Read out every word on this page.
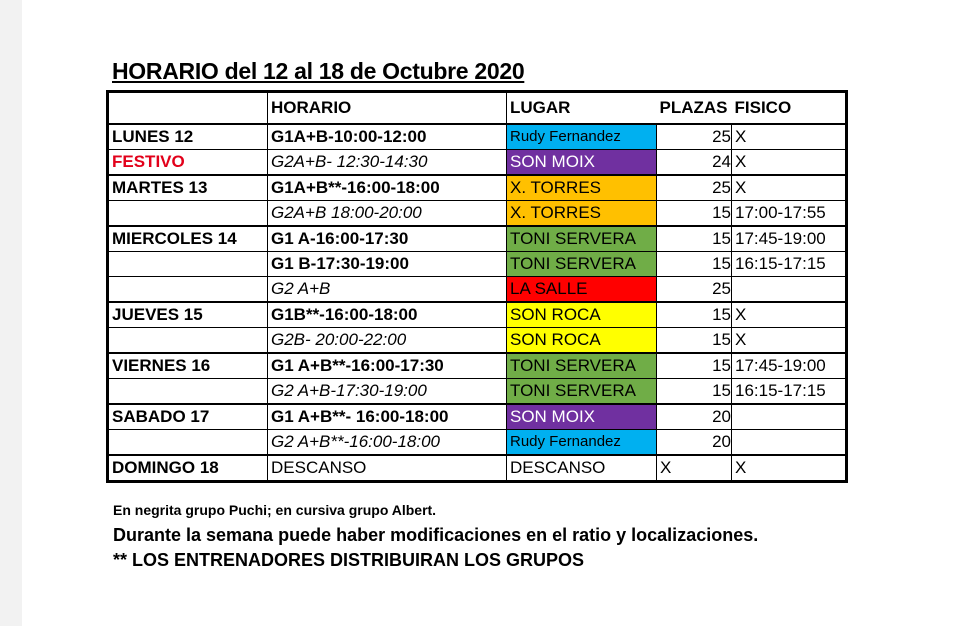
HORARIO del 12 al 18 de Octubre 2020
	HORARIO	LUGAR	PLAZAS	FISICO
LUNES 12	G1A+B-10:00-12:00	Rudy Fernandez	25	X
FESTIVO	G2A+B- 12:30-14:30	SON MOIX	24	X
MARTES 13	G1A+B**-16:00-18:00	X. TORRES	25	X
	G2A+B 18:00-20:00	X. TORRES	15	17:00-17:55
MIERCOLES 14	G1 A-16:00-17:30	TONI SERVERA	15	17:45-19:00
	G1 B-17:30-19:00	TONI SERVERA	15	16:15-17:15
	G2 A+B	LA SALLE	25	
JUEVES 15	G1B**-16:00-18:00	SON ROCA	15	X
	G2B- 20:00-22:00	SON ROCA	15	X
VIERNES 16	G1 A+B**-16:00-17:30	TONI SERVERA	15	17:45-19:00
	G2 A+B-17:30-19:00	TONI SERVERA	15	16:15-17:15
SABADO 17	G1 A+B**- 16:00-18:00	SON MOIX	20	
	G2 A+B**-16:00-18:00	Rudy Fernandez	20	
DOMINGO 18	DESCANSO	DESCANSO	X	X
En negrita grupo Puchi; en cursiva grupo Albert.
Durante la semana puede haber modificaciones en el ratio y localizaciones.
** LOS ENTRENADORES DISTRIBUIRAN LOS GRUPOS
